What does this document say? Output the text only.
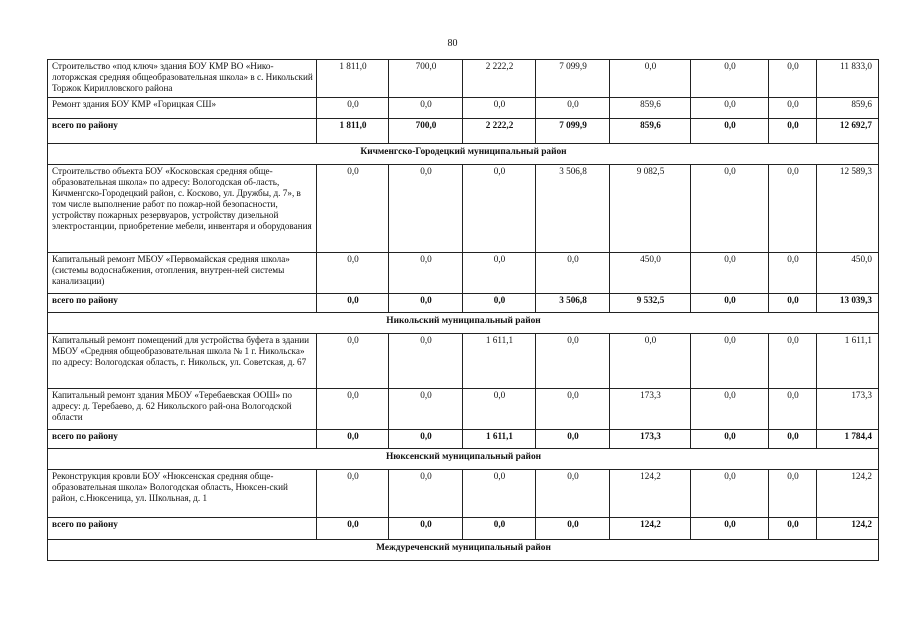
80
Строительство «под ключ» здания БОУ КМР ВО «Нико-лоторжская средняя общеобразовательная школа» в с. Никольский Торжок Кирилловского района	1 811,0	700,0	2 222,2	7 099,9	0,0	0,0	0,0	11 833,0	
Ремонт здания БОУ КМР «Горицкая СШ»	0,0	0,0	0,0	0,0	859,6	0,0	0,0	859,6	
всего по району	1 811,0	700,0	2 222,2	7 099,9	859,6	0,0	0,0	12 692,7	
Кичменгско-Городецкий муниципальный район									
Строительство объекта БОУ «Косковская средняя обще-образовательная школа» по адресу: Вологодская об-ласть, Кичменгско-Городецкий район, с. Косково, ул. Дружбы, д. 7», в том числе выполнение работ по пожар-ной безопасности, устройству пожарных резервуаров, устройству дизельной электростанции, приобретение мебели, инвентаря и оборудования	0,0	0,0	0,0	3 506,8	9 082,5	0,0	0,0	12 589,3	
Капитальный ремонт МБОУ «Первомайская средняя школа» (системы водоснабжения, отопления, внутрен-ней системы канализации)	0,0	0,0	0,0	0,0	450,0	0,0	0,0	450,0	
всего по району	0,0	0,0	0,0	3 506,8	9 532,5	0,0	0,0	13 039,3	
Никольский муниципальный район									
Капитальный ремонт помещений для устройства буфета в здании МБОУ «Средняя общеобразовательная школа № 1 г. Никольска» по адресу: Вологодская область, г. Никольск, ул. Советская, д. 67	0,0	0,0	1 611,1	0,0	0,0	0,0	0,0	1 611,1	
Капитальный ремонт здания МБОУ «Теребаевская ООШ» по адресу: д. Теребаево, д. 62 Никольского рай-она Вологодской области	0,0	0,0	0,0	0,0	173,3	0,0	0,0	173,3	
всего по району	0,0	0,0	1 611,1	0,0	173,3	0,0	0,0	1 784,4	
Нюксенский муниципальный район									
Реконструкция кровли БОУ «Нюксенская средняя обще-образовательная школа» Вологодская область, Нюксен-ский район, с.Нюксеница, ул. Школьная, д. 1	0,0	0,0	0,0	0,0	124,2	0,0	0,0	124,2	
всего по району	0,0	0,0	0,0	0,0	124,2	0,0	0,0	124,2	
Междуреченский муниципальный район									
